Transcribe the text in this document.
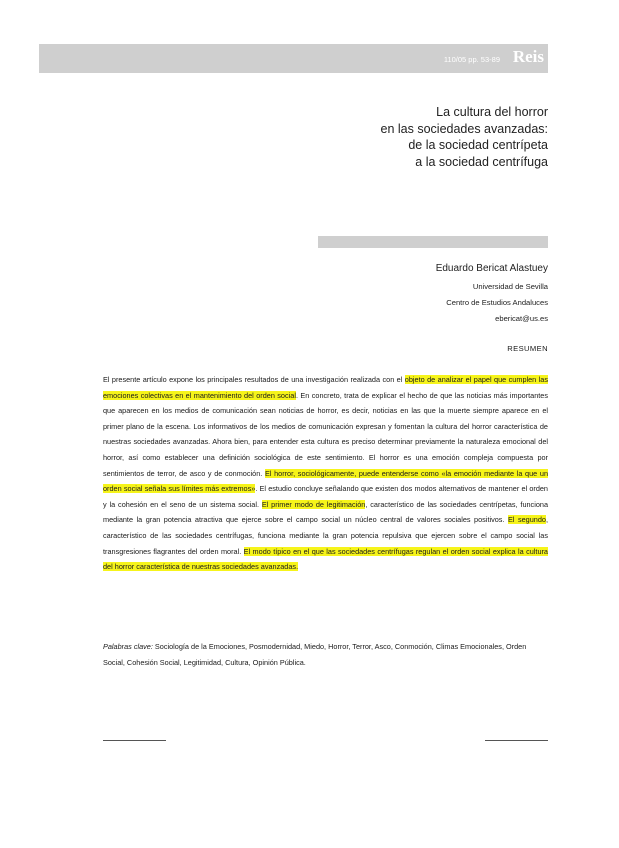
110/05 pp. 53-89 Reis
La cultura del horror
en las sociedades avanzadas:
de la sociedad centrípeta
a la sociedad centrífuga
Eduardo Bericat Alastuey
Universidad de Sevilla
Centro de Estudios Andaluces
ebericat@us.es
RESUMEN
El presente artículo expone los principales resultados de una investigación realizada con el objeto de analizar el papel que cumplen las emociones colectivas en el mantenimiento del orden social. En concreto, trata de explicar el hecho de que las noticias más importantes que aparecen en los medios de comunicación sean noticias de horror, es decir, noticias en las que la muerte siempre aparece en el primer plano de la escena. Los informativos de los medios de comunicación expresan y fomentan la cultura del horror característica de nuestras sociedades avanzadas. Ahora bien, para entender esta cultura es preciso determinar previamente la naturaleza emocional del horror, así como establecer una definición sociológica de este sentimiento. El horror es una emoción compleja compuesta por sentimientos de terror, de asco y de conmoción. El horror, sociológicamente, puede entenderse como «la emoción mediante la que un orden social señala sus límites más extremos». El estudio concluye señalando que existen dos modos alternativos de mantener el orden y la cohesión en el seno de un sistema social. El primer modo de legitimación, característico de las sociedades centrípetas, funciona mediante la gran potencia atractiva que ejerce sobre el campo social un núcleo central de valores sociales positivos. El segundo, característico de las sociedades centrífugas, funciona mediante la gran potencia repulsiva que ejercen sobre el campo social las transgresiones flagrantes del orden moral. El modo típico en el que las sociedades centrífugas regulan el orden social explica la cultura del horror característica de nuestras sociedades avanzadas.
Palabras clave: Sociología de la Emociones, Posmodernidad, Miedo, Horror, Terror, Asco, Conmoción, Climas Emocionales, Orden Social, Cohesión Social, Legitimidad, Cultura, Opinión Pública.
